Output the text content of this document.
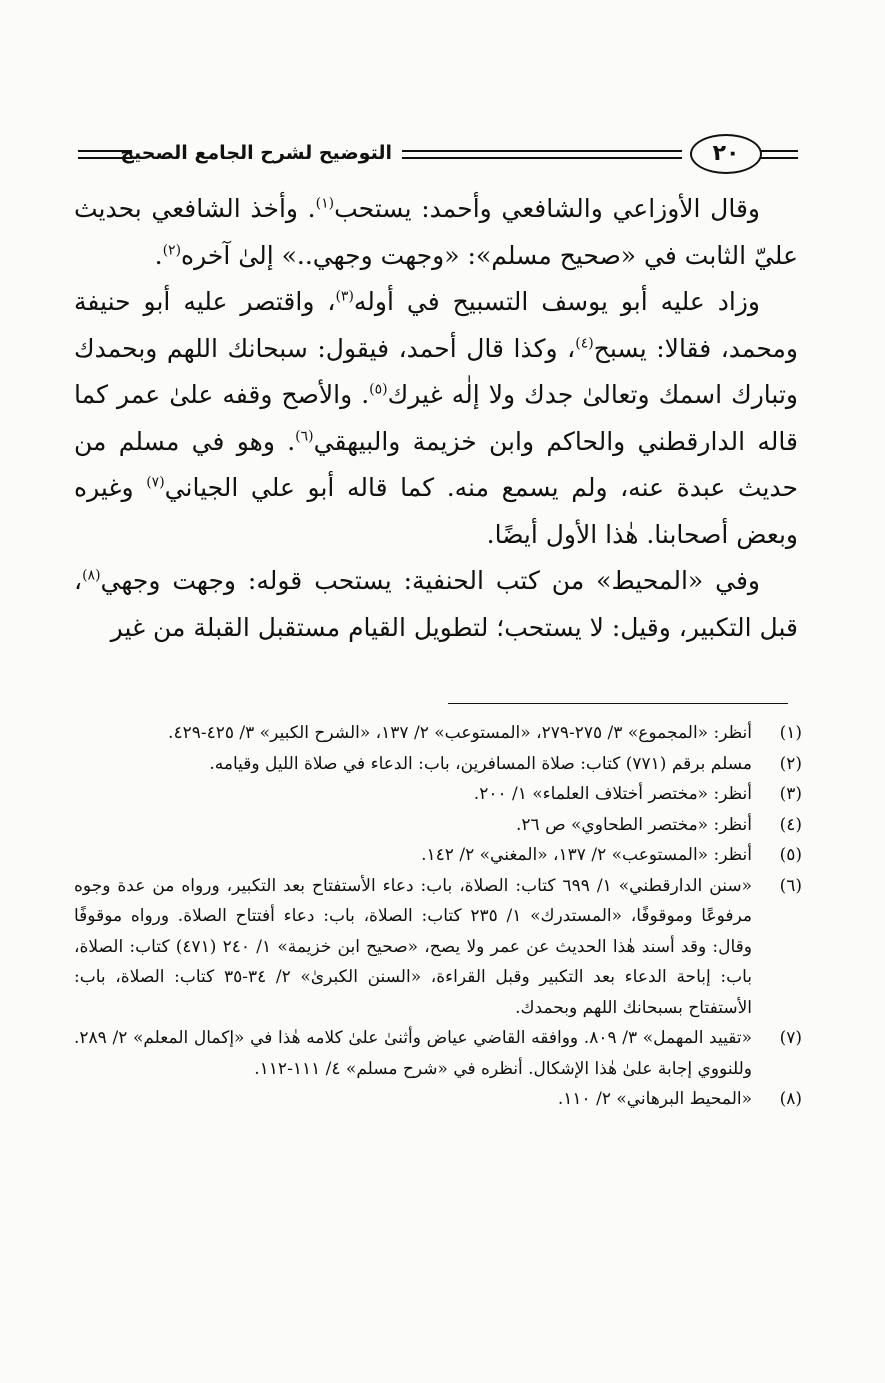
التوضيح لشرح الجامع الصحيح	٢٠

وقال الأوزاعي والشافعي وأحمد: يستحب$^{(١)}$. وأخذ الشافعي بحديث عليّ الثابت في «صحيح مسلم»: «وجهت وجهي..» إلىٰ آخره$^{(٢)}$.

وزاد عليه أبو يوسف التسبيح في أوله$^{(٣)}$، واقتصر عليه أبو حنيفة ومحمد، فقالا: يسبح$^{(٤)}$، وكذا قال أحمد، فيقول: سبحانك اللهم وبحمدك وتبارك اسمك وتعالىٰ جدك ولا إلٰه غيرك$^{(٥)}$. والأصح وقفه علىٰ عمر كما قاله الدارقطني والحاكم وابن خزيمة والبيهقي$^{(٦)}$. وهو في مسلم من حديث عبدة عنه، ولم يسمع منه. كما قاله أبو علي الجياني$^{(٧)}$ وغيره وبعض أصحابنا. هٰذا الأول أيضًا.

وفي «المحيط» من كتب الحنفية: يستحب قوله: وجهت وجهي$^{(٨)}$، قبل التكبير، وقيل: لا يستحب؛ لتطويل القيام مستقبل القبلة من غير

(١)
أنظر: «المجموع» ٣/ ٢٧٥-٢٧٩، «المستوعب» ٢/ ١٣٧، «الشرح الكبير» ٣/ ٤٢٥-٤٢٩.
(٢)
مسلم برقم (٧٧١) كتاب: صلاة المسافرين، باب: الدعاء في صلاة الليل وقيامه.
(٣)
أنظر: «مختصر أختلاف العلماء» ١/ ٢٠٠.
(٤)
أنظر: «مختصر الطحاوي» ص ٢٦.
(٥)
أنظر: «المستوعب» ٢/ ١٣٧، «المغني» ٢/ ١٤٢.
(٦)
«سنن الدارقطني» ١/ ٦٩٩ كتاب: الصلاة، باب: دعاء الأستفتاح بعد التكبير، ورواه من عدة وجوه مرفوعًا وموقوفًا، «المستدرك» ١/ ٢٣٥ كتاب: الصلاة، باب: دعاء أفتتاح الصلاة. ورواه موقوفًا وقال: وقد أسند هٰذا الحديث عن عمر ولا يصح، «صحيح ابن خزيمة» ١/ ٢٤٠ (٤٧١) كتاب: الصلاة، باب: إباحة الدعاء بعد التكبير وقبل القراءة، «السنن الكبرىٰ» ٢/ ٣٤-٣٥ كتاب: الصلاة، باب: الأستفتاح بسبحانك اللهم وبحمدك.
(٧)
«تقييد المهمل» ٣/ ٨٠٩. ووافقه القاضي عياض وأثنىٰ علىٰ كلامه هٰذا في «إكمال المعلم» ٢/ ٢٨٩. وللنووي إجابة علىٰ هٰذا الإشكال. أنظره في «شرح مسلم» ٤/ ١١١-١١٢.
(٨)
«المحيط البرهاني» ٢/ ١١٠.
